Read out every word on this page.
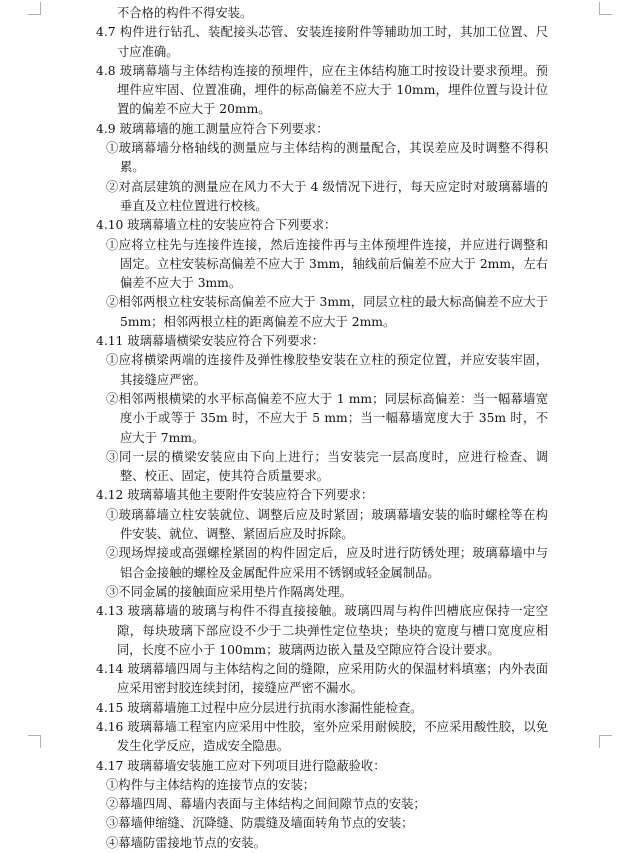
不合格的构件不得安装。

4.7 构件进行钻孔、装配接头芯管、安装连接附件等辅助加工时，其加工位置、尺寸应准确。

4.8 玻璃幕墙与主体结构连接的预埋件，应在主体结构施工时按设计要求预埋。预埋件应牢固、位置准确，埋件的标高偏差不应大于 10mm，埋件位置与设计位置的偏差不应大于 20mm。

4.9 玻璃幕墙的施工测量应符合下列要求：

①玻璃幕墙分格轴线的测量应与主体结构的测量配合，其误差应及时调整不得积累。

②对高层建筑的测量应在风力不大于 4 级情况下进行，每天应定时对玻璃幕墙的垂直及立柱位置进行校核。

4.10 玻璃幕墙立柱的安装应符合下列要求：

①应将立柱先与连接件连接，然后连接件再与主体预埋件连接，并应进行调整和固定。立柱安装标高偏差不应大于 3mm，轴线前后偏差不应大于 2mm，左右偏差不应大于 3mm。

②相邻两根立柱安装标高偏差不应大于 3mm，同层立柱的最大标高偏差不应大于 5mm；相邻两根立柱的距离偏差不应大于 2mm。

4.11 玻璃幕墙横梁安装应符合下列要求：

①应将横梁两端的连接件及弹性橡胶垫安装在立柱的预定位置，并应安装牢固，其接缝应严密。

②相邻两根横梁的水平标高偏差不应大于 1 mm；同层标高偏差：当一幅幕墙宽度小于或等于 35m 时，不应大于 5 mm；当一幅幕墙宽度大于 35m 时，不应大于 7mm。

③同一层的横梁安装应由下向上进行；当安装完一层高度时，应进行检查、调整、校正、固定，使其符合质量要求。

4.12 玻璃幕墙其他主要附件安装应符合下列要求：

①玻璃幕墙立柱安装就位、调整后应及时紧固；玻璃幕墙安装的临时螺栓等在构件安装、就位、调整、紧固后应及时拆除。

②现场焊接或高强螺栓紧固的构件固定后，应及时进行防锈处理；玻璃幕墙中与铝合金接触的螺栓及金属配件应采用不锈钢或轻金属制品。

③不同金属的接触面应采用垫片作隔离处理。

4.13 玻璃幕墙的玻璃与构件不得直接接触。玻璃四周与构件凹槽底应保持一定空隙，每块玻璃下部应设不少于二块弹性定位垫块；垫块的宽度与槽口宽度应相同，长度不应小于 100mm；玻璃两边嵌入量及空隙应符合设计要求。

4.14 玻璃幕墙四周与主体结构之间的缝隙，应采用防火的保温材料填塞；内外表面应采用密封胶连续封闭，接缝应严密不漏水。

4.15 玻璃幕墙施工过程中应分层进行抗雨水渗漏性能检查。

4.16 玻璃幕墙工程室内应采用中性胶，室外应采用耐候胶，不应采用酸性胶，以免发生化学反应，造成安全隐患。

4.17 玻璃幕墙安装施工应对下列项目进行隐蔽验收：

①构件与主体结构的连接节点的安装；

②幕墙四周、幕墙内表面与主体结构之间间隙节点的安装；

③幕墙伸缩缝、沉降缝、防震缝及墙面转角节点的安装；

④幕墙防雷接地节点的安装。
